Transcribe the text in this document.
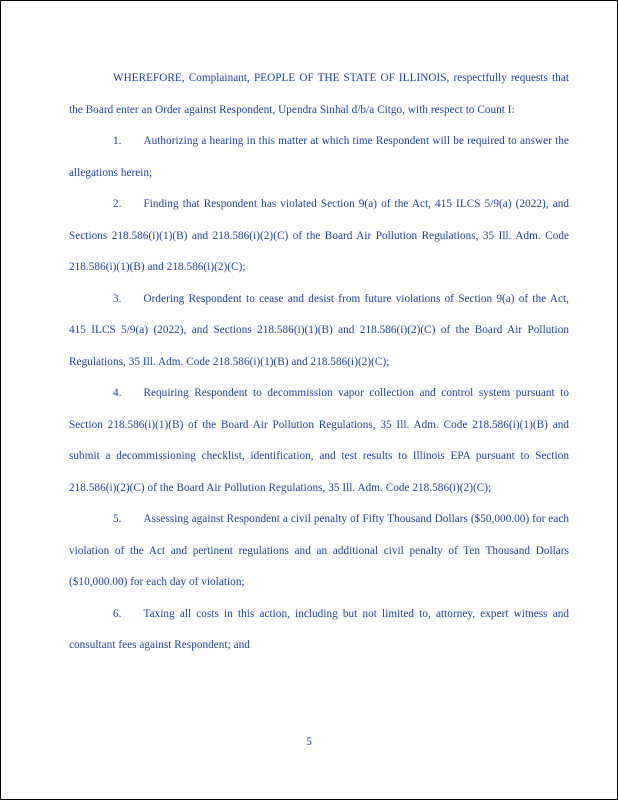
WHEREFORE, Complainant, PEOPLE OF THE STATE OF ILLINOIS, respectfully requests that the Board enter an Order against Respondent, Upendra Sinhal d/b/a Citgo, with respect to Count I:

1. Authorizing a hearing in this matter at which time Respondent will be required to answer the allegations herein;

2. Finding that Respondent has violated Section 9(a) of the Act, 415 ILCS 5/9(a) (2022), and Sections 218.586(i)(1)(B) and 218.586(i)(2)(C) of the Board Air Pollution Regulations, 35 Ill. Adm. Code 218.586(i)(1)(B) and 218.586(i)(2)(C);

3. Ordering Respondent to cease and desist from future violations of Section 9(a) of the Act, 415 ILCS 5/9(a) (2022), and Sections 218.586(i)(1)(B) and 218.586(i)(2)(C) of the Board Air Pollution Regulations, 35 Ill. Adm. Code 218.586(i)(1)(B) and 218.586(i)(2)(C);

4. Requiring Respondent to decommission vapor collection and control system pursuant to Section 218.586(i)(1)(B) of the Board Air Pollution Regulations, 35 Ill. Adm. Code 218.586(i)(1)(B) and submit a decommissioning checklist, identification, and test results to Illinois EPA pursuant to Section 218.586(i)(2)(C) of the Board Air Pollution Regulations, 35 Ill. Adm. Code 218.586(i)(2)(C);

5. Assessing against Respondent a civil penalty of Fifty Thousand Dollars ($50,000.00) for each violation of the Act and pertinent regulations and an additional civil penalty of Ten Thousand Dollars ($10,000.00) for each day of violation;

6. Taxing all costs in this action, including but not limited to, attorney, expert witness and consultant fees against Respondent; and

5
